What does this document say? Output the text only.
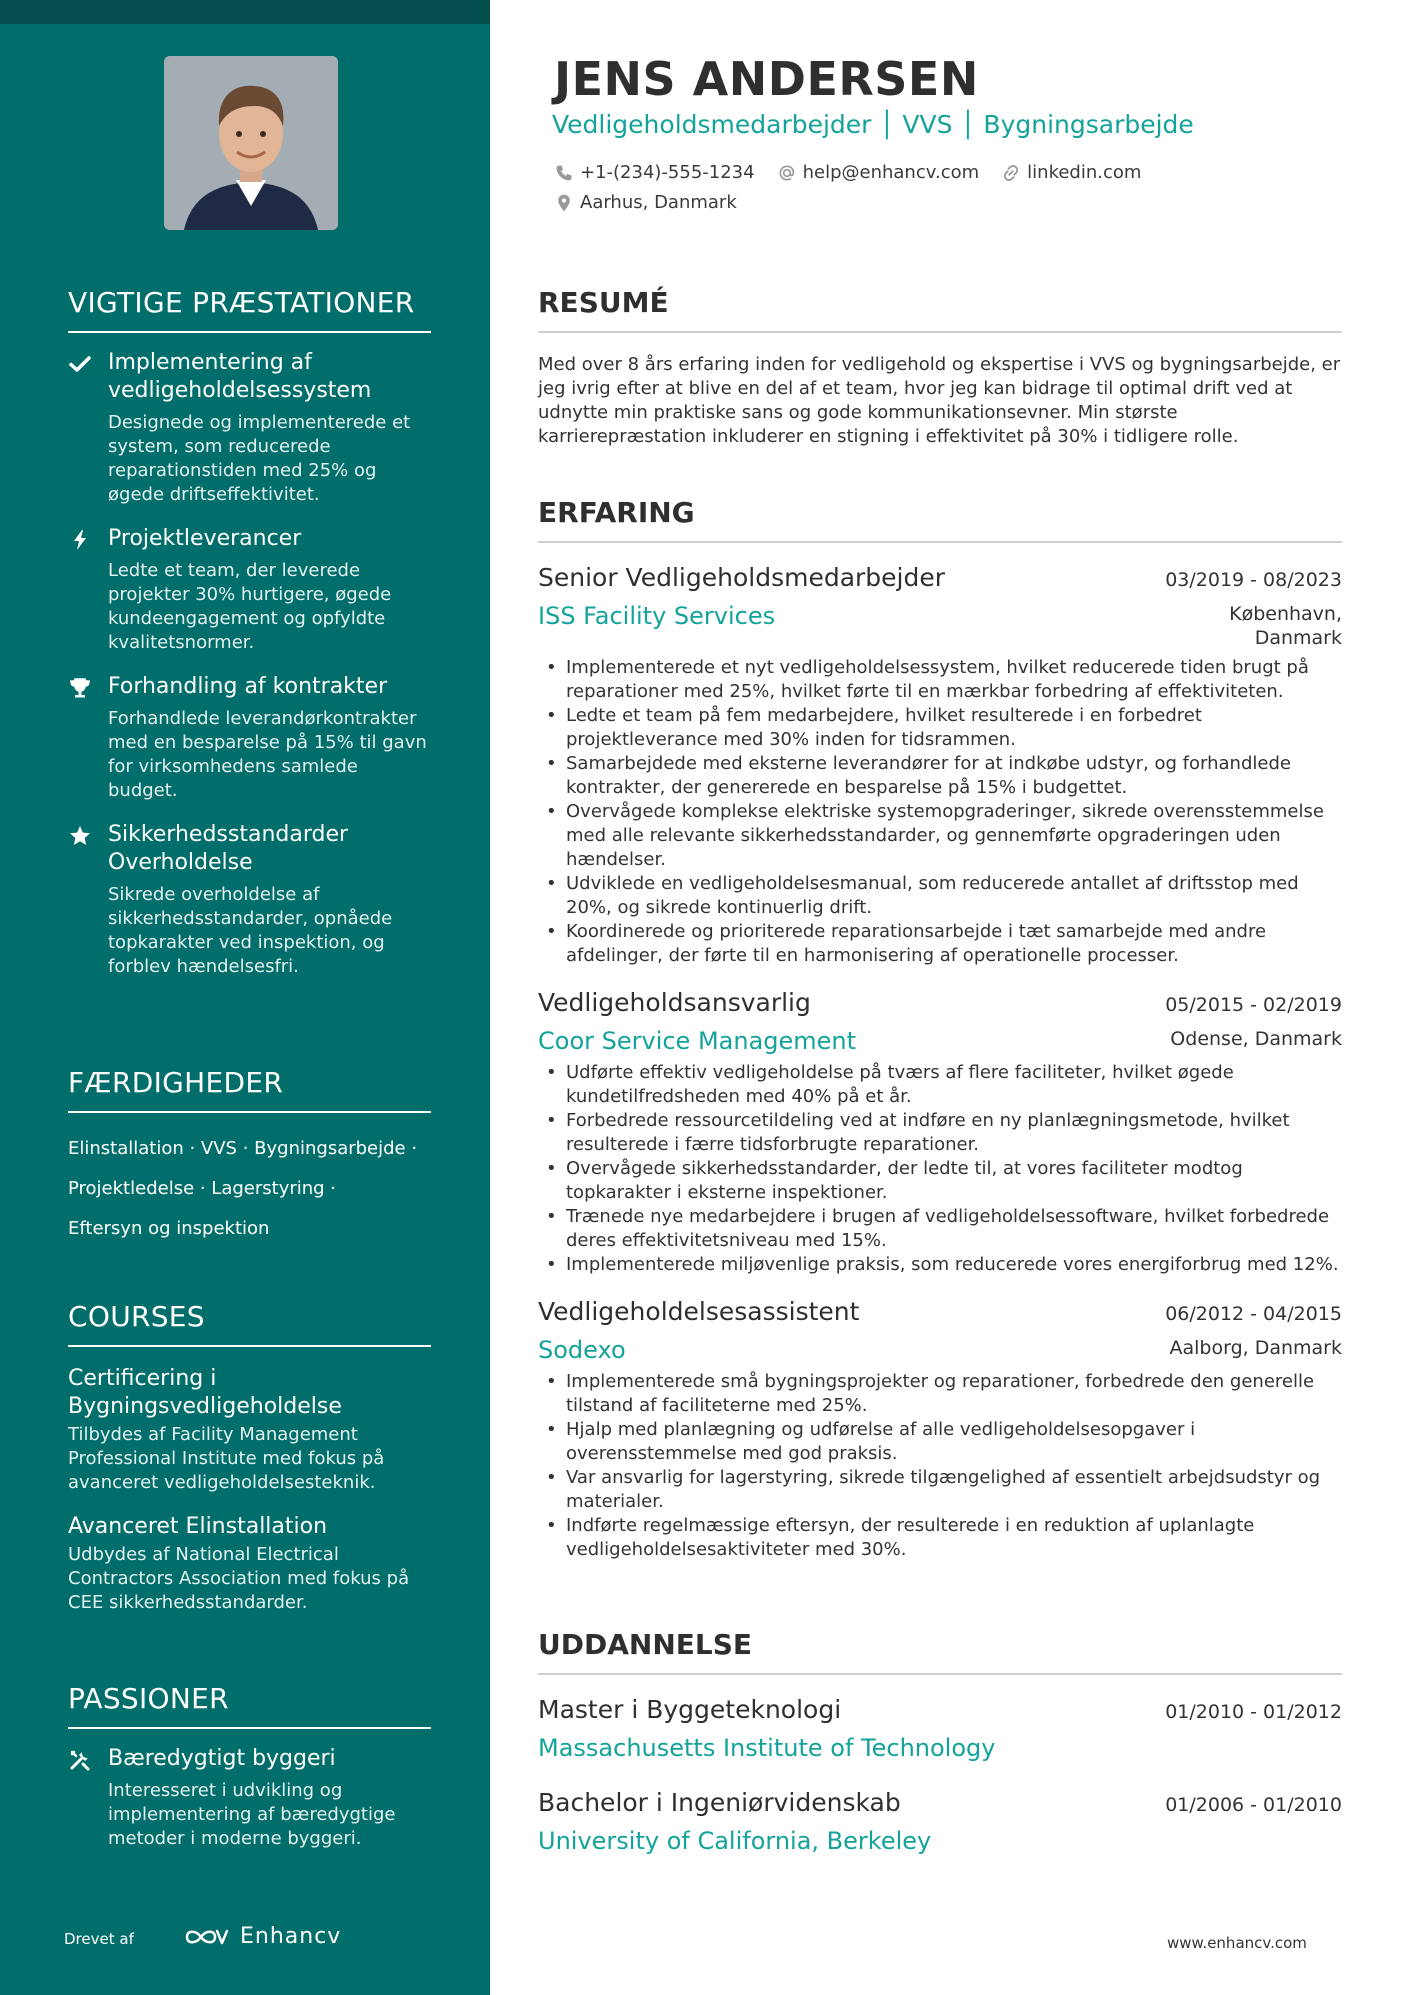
VIGTIGE PRÆSTATIONER
Implementering af vedligeholdelsessystem
Designede og implementerede et system, som reducerede reparationstiden med 25% og øgede driftseffektivitet.
Projektleverancer
Ledte et team, der leverede projekter 30% hurtigere, øgede kundeengagement og opfyldte kvalitetsnormer.
Forhandling af kontrakter
Forhandlede leverandørkontrakter med en besparelse på 15% til gavn for virksomhedens samlede budget.
Sikkerhedsstandarder Overholdelse
Sikrede overholdelse af sikkerhedsstandarder, opnåede topkarakter ved inspektion, og forblev hændelsesfri.
FÆRDIGHEDER
Elinstallation · VVS · Bygningsarbejde ·
Projektledelse · Lagerstyring ·
Eftersyn og inspektion
COURSES
Certificering i Bygningsvedligeholdelse
Tilbydes af Facility Management Professional Institute med fokus på avanceret vedligeholdelsesteknik.
Avanceret Elinstallation
Udbydes af National Electrical Contractors Association med fokus på CEE sikkerhedsstandarder.
PASSIONER
Bæredygtigt byggeri
Interesseret i udvikling og implementering af bæredygtige metoder i moderne byggeri.
Drevet af	Enhancv
JENS ANDERSEN
Vedligeholdsmedarbejder │ VVS │ Bygningsarbejde
+1-(234)-555-1234	help@enhancv.com	linkedin.com
Aarhus, Danmark
RESUMÉ

Med over 8 års erfaring inden for vedligehold og ekspertise i VVS og bygningsarbejde, er jeg ivrig efter at blive en del af et team, hvor jeg kan bidrage til optimal drift ved at udnytte min praktiske sans og gode kommunikationsevner. Min største karrierepræstation inkluderer en stigning i effektivitet på 30% i tidligere rolle.

ERFARING
Senior Vedligeholdsmedarbejder	03/2019 - 08/2023
ISS Facility Services	København, Danmark
• Implementerede et nyt vedligeholdelsessystem, hvilket reducerede tiden brugt på reparationer med 25%, hvilket førte til en mærkbar forbedring af effektiviteten.
• Ledte et team på fem medarbejdere, hvilket resulterede i en forbedret projektleverance med 30% inden for tidsrammen.
• Samarbejdede med eksterne leverandører for at indkøbe udstyr, og forhandlede kontrakter, der genererede en besparelse på 15% i budgettet.
• Overvågede komplekse elektriske systemopgraderinger, sikrede overensstemmelse med alle relevante sikkerhedsstandarder, og gennemførte opgraderingen uden hændelser.
• Udviklede en vedligeholdelsesmanual, som reducerede antallet af driftsstop med 20%, og sikrede kontinuerlig drift.
• Koordinerede og prioriterede reparationsarbejde i tæt samarbejde med andre afdelinger, der førte til en harmonisering af operationelle processer.
Vedligeholdsansvarlig	05/2015 - 02/2019
Coor Service Management	Odense, Danmark
• Udførte effektiv vedligeholdelse på tværs af flere faciliteter, hvilket øgede kundetilfredsheden med 40% på et år.
• Forbedrede ressourcetildeling ved at indføre en ny planlægningsmetode, hvilket resulterede i færre tidsforbrugte reparationer.
• Overvågede sikkerhedsstandarder, der ledte til, at vores faciliteter modtog topkarakter i eksterne inspektioner.
• Trænede nye medarbejdere i brugen af vedligeholdelsessoftware, hvilket forbedrede deres effektivitetsniveau med 15%.
• Implementerede miljøvenlige praksis, som reducerede vores energiforbrug med 12%.
Vedligeholdelsesassistent	06/2012 - 04/2015
Sodexo	Aalborg, Danmark
• Implementerede små bygningsprojekter og reparationer, forbedrede den generelle tilstand af faciliteterne med 25%.
• Hjalp med planlægning og udførelse af alle vedligeholdelsesopgaver i overensstemmelse med god praksis.
• Var ansvarlig for lagerstyring, sikrede tilgængelighed af essentielt arbejdsudstyr og materialer.
• Indførte regelmæssige eftersyn, der resulterede i en reduktion af uplanlagte vedligeholdelsesaktiviteter med 30%.
UDDANNELSE
Master i Byggeteknologi	01/2010 - 01/2012
Massachusetts Institute of Technology
Bachelor i Ingeniørvidenskab	01/2006 - 01/2010
University of California, Berkeley
www.enhancv.com
